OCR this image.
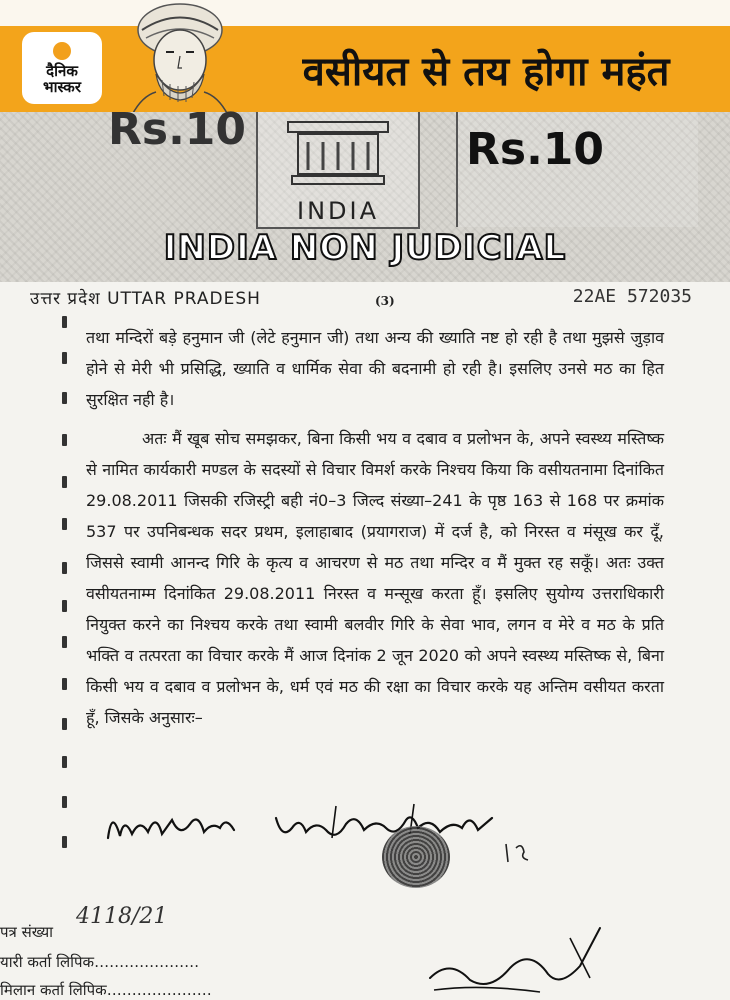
दैनिक
भास्कर	वसीयत से तय होगा महंत
Rs.10
INDIA
Rs.10
INDIA NON JUDICIAL
उत्तर प्रदेश UTTAR PRADESH	(3)	22AE 572035

तथा मन्दिरों बड़े हनुमान जी (लेटे हनुमान जी) तथा अन्य की ख्याति नष्ट हो रही है तथा मुझसे जुड़ाव होने से मेरी भी प्रसिद्धि, ख्याति व धार्मिक सेवा की बदनामी हो रही है। इसलिए उनसे मठ का हित सुरक्षित नही है।

अतः मैं खूब सोच समझकर, बिना किसी भय व दबाव व प्रलोभन के, अपने स्वस्थ्य मस्तिष्क से नामित कार्यकारी मण्डल के सदस्यों से विचार विमर्श करके निश्चय किया कि वसीयतनामा दिनांकित 29.08.2011 जिसकी रजिस्ट्री बही नं0–3 जिल्द संख्या–241 के पृष्ठ 163 से 168 पर क्रमांक 537 पर उपनिबन्धक सदर प्रथम, इलाहाबाद (प्रयागराज) में दर्ज है, को निरस्त व मंसूख कर दूँ, जिससे स्वामी आनन्द गिरि के कृत्य व आचरण से मठ तथा मन्दिर व मैं मुक्त रह सकूँ। अतः उक्त वसीयतनाम्म दिनांकित 29.08.2011 निरस्त व मन्सूख करता हूँ। इसलिए सुयोग्य उत्तराधिकारी नियुक्त करने का निश्चय करके तथा स्वामी बलवीर गिरि के सेवा भाव, लगन व मेरे व मठ के प्रति भक्ति व तत्परता का विचार करके मैं आज दिनांक 2 जून 2020 को अपने स्वस्थ्य मस्तिष्क से, बिना किसी भय व दबाव व प्रलोभन के, धर्म एवं मठ की रक्षा का विचार करके यह अन्तिम वसीयत करता हूँ, जिसके अनुसारः–

पत्र संख्या
4118/21
यारी कर्ता लिपिक…………………
मिलान कर्ता लिपिक…………………
